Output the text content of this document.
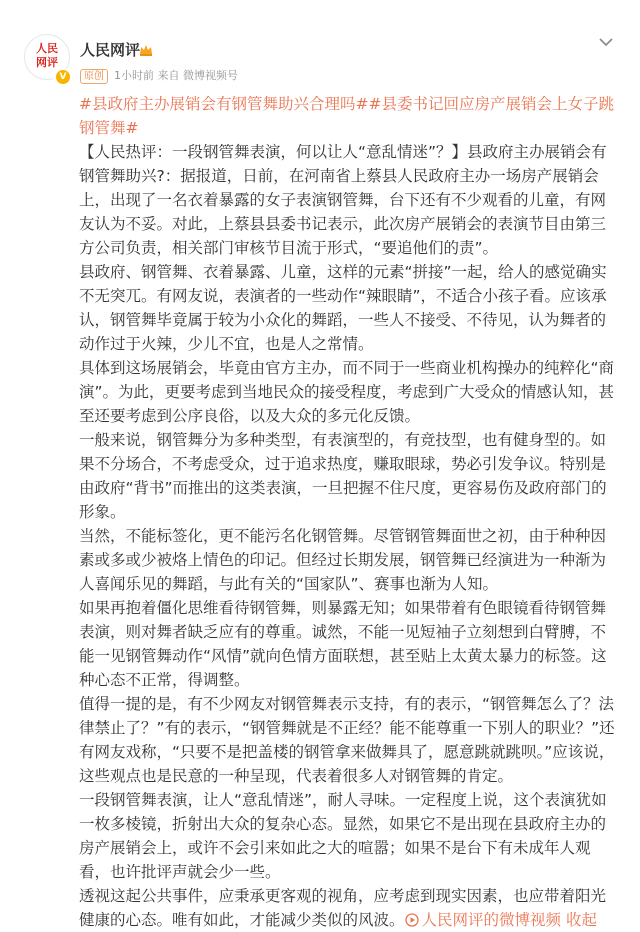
人民
网评
V
人民网评
原创 1小时前 来自 微博视频号
#县政府主办展销会有钢管舞助兴合理吗##县委书记回应房产展销会上女子跳钢管舞#

【人民热评：一段钢管舞表演，何以让人“意乱情迷”？】县政府主办展销会有钢管舞助兴?：据报道，日前，在河南省上蔡县人民政府主办一场房产展销会上，出现了一名衣着暴露的女子表演钢管舞，台下还有不少观看的儿童，有网友认为不妥。对此，上蔡县县委书记表示，此次房产展销会的表演节目由第三方公司负责，相关部门审核节目流于形式，“要追他们的责”。

县政府、钢管舞、衣着暴露、儿童，这样的元素“拼接”一起，给人的感觉确实不无突兀。有网友说，表演者的一些动作“辣眼睛”，不适合小孩子看。应该承认，钢管舞毕竟属于较为小众化的舞蹈，一些人不接受、不待见，认为舞者的动作过于火辣，少儿不宜，也是人之常情。

具体到这场展销会，毕竟由官方主办，而不同于一些商业机构操办的纯粹化“商演”。为此，更要考虑到当地民众的接受程度，考虑到广大受众的情感认知，甚至还要考虑到公序良俗，以及大众的多元化反馈。

一般来说，钢管舞分为多种类型，有表演型的，有竞技型，也有健身型的。如果不分场合，不考虑受众，过于追求热度，赚取眼球，势必引发争议。特别是由政府“背书”而推出的这类表演，一旦把握不住尺度，更容易伤及政府部门的形象。

当然，不能标签化，更不能污名化钢管舞。尽管钢管舞面世之初，由于种种因素或多或少被烙上情色的印记。但经过长期发展，钢管舞已经演进为一种渐为人喜闻乐见的舞蹈，与此有关的“国家队”、赛事也渐为人知。

如果再抱着僵化思维看待钢管舞，则暴露无知；如果带着有色眼镜看待钢管舞表演，则对舞者缺乏应有的尊重。诚然，不能一见短袖子立刻想到白臂膊，不能一见钢管舞动作“风情”就向色情方面联想，甚至贴上太黄太暴力的标签。这种心态不正常，得调整。

值得一提的是，有不少网友对钢管舞表示支持，有的表示，“钢管舞怎么了？法律禁止了？”有的表示，“钢管舞就是不正经？能不能尊重一下别人的职业？”还有网友戏称，“只要不是把盖楼的钢管拿来做舞具了，愿意跳就跳呗。”应该说，这些观点也是民意的一种呈现，代表着很多人对钢管舞的肯定。

一段钢管舞表演，让人“意乱情迷”，耐人寻味。一定程度上说，这个表演犹如一枚多棱镜，折射出大众的复杂心态。显然，如果它不是出现在县政府主办的房产展销会上，或许不会引来如此之大的喧嚣；如果不是台下有未成年人观看，也许批评声就会少一些。

透视这起公共事件，应秉承更客观的视角，应考虑到现实因素，也应带着阳光健康的心态。唯有如此，才能减少类似的风波。 人民网评的微博视频 收起
